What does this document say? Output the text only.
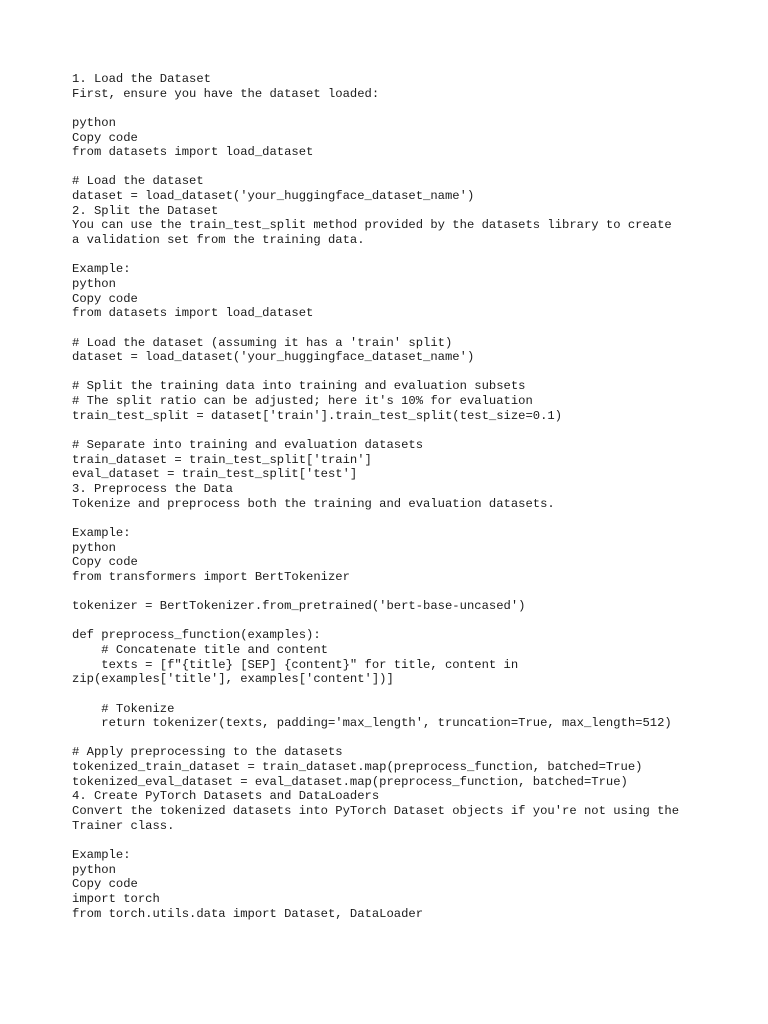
1. Load the Dataset
First, ensure you have the dataset loaded:
python
Copy code
from datasets import load_dataset
# Load the dataset
dataset = load_dataset('your_huggingface_dataset_name')
2. Split the Dataset
You can use the train_test_split method provided by the datasets library to create
a validation set from the training data.
Example:
python
Copy code
from datasets import load_dataset
# Load the dataset (assuming it has a 'train' split)
dataset = load_dataset('your_huggingface_dataset_name')
# Split the training data into training and evaluation subsets
# The split ratio can be adjusted; here it's 10% for evaluation
train_test_split = dataset['train'].train_test_split(test_size=0.1)
# Separate into training and evaluation datasets
train_dataset = train_test_split['train']
eval_dataset = train_test_split['test']
3. Preprocess the Data
Tokenize and preprocess both the training and evaluation datasets.
Example:
python
Copy code
from transformers import BertTokenizer
tokenizer = BertTokenizer.from_pretrained('bert-base-uncased')
def preprocess_function(examples):
# Concatenate title and content
texts = [f"{title} [SEP] {content}" for title, content in
zip(examples['title'], examples['content'])]
# Tokenize
return tokenizer(texts, padding='max_length', truncation=True, max_length=512)
# Apply preprocessing to the datasets
tokenized_train_dataset = train_dataset.map(preprocess_function, batched=True)
tokenized_eval_dataset = eval_dataset.map(preprocess_function, batched=True)
4. Create PyTorch Datasets and DataLoaders
Convert the tokenized datasets into PyTorch Dataset objects if you're not using the
Trainer class.
Example:
python
Copy code
import torch
from torch.utils.data import Dataset, DataLoader
